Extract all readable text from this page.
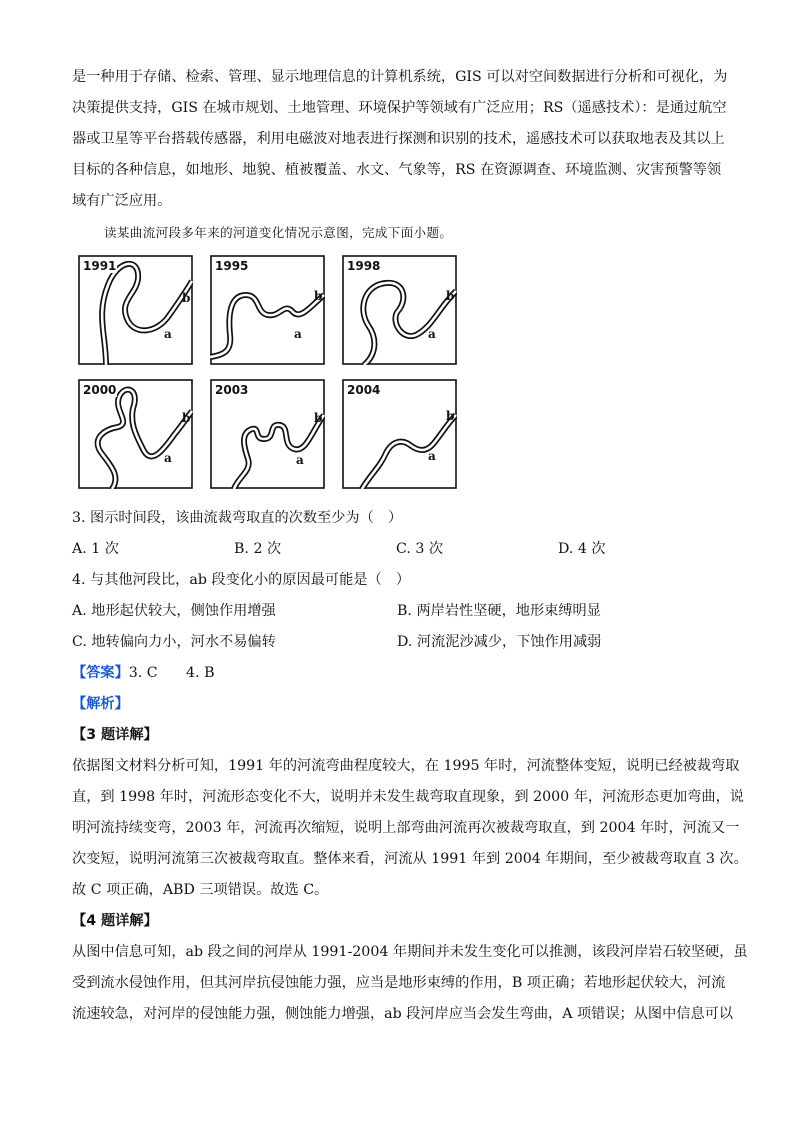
是一种用于存储、检索、管理、显示地理信息的计算机系统，GIS 可以对空间数据进行分析和可视化，为
决策提供支持，GIS 在城市规划、土地管理、环境保护等领域有广泛应用；RS（遥感技术）：是通过航空
器或卫星等平台搭载传感器，利用电磁波对地表进行探测和识别的技术，遥感技术可以获取地表及其以上
目标的各种信息，如地形、地貌、植被覆盖、水文、气象等，RS 在资源调查、环境监测、灾害预警等领
域有广泛应用。

读某曲流河段多年来的河道变化情况示意图，完成下面小题。

1991
b
a
1995
b
a
1998
b
a
2000
b
a
2003
b
a
2004
b
a

3. 图示时间段，该曲流裁弯取直的次数至少为（　）

A. 1 次	B. 2 次	C. 3 次	D. 4 次

4. 与其他河段比，ab 段变化小的原因最可能是（　）

A. 地形起伏较大，侧蚀作用增强	B. 两岸岩性坚硬，地形束缚明显
C. 地转偏向力小，河水不易偏转	D. 河流泥沙减少，下蚀作用减弱

【答案】3. C　　4. B

【解析】

【3 题详解】

依据图文材料分析可知，1991 年的河流弯曲程度较大，在 1995 年时，河流整体变短，说明已经被裁弯取
直，到 1998 年时，河流形态变化不大，说明并未发生裁弯取直现象，到 2000 年，河流形态更加弯曲，说
明河流持续变弯，2003 年，河流再次缩短，说明上部弯曲河流再次被裁弯取直，到 2004 年时，河流又一
次变短，说明河流第三次被裁弯取直。整体来看，河流从 1991 年到 2004 年期间，至少被裁弯取直 3 次。
故 C 项正确，ABD 三项错误。故选 C。

【4 题详解】

从图中信息可知，ab 段之间的河岸从 1991-2004 年期间并未发生变化可以推测，该段河岸岩石较坚硬，虽
受到流水侵蚀作用，但其河岸抗侵蚀能力强，应当是地形束缚的作用，B 项正确；若地形起伏较大，河流
流速较急，对河岸的侵蚀能力强，侧蚀能力增强，ab 段河岸应当会发生弯曲，A 项错误；从图中信息可以
